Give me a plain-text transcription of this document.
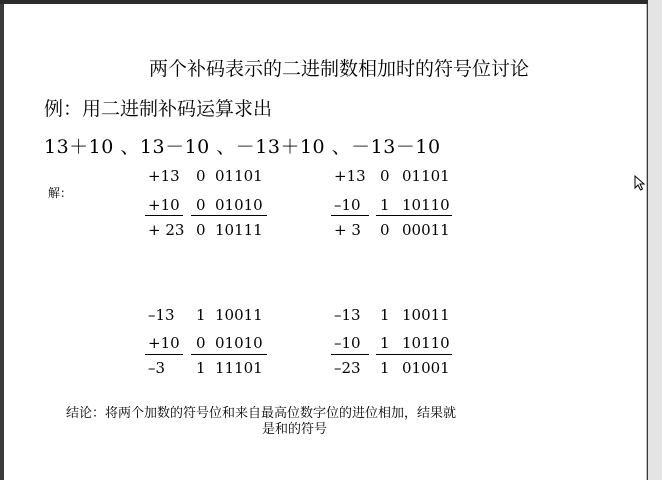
两个补码表示的二进制数相加时的符号位讨论
例：用二进制补码运算求出
13＋10 、13－10 、－13＋10 、－13－10
解：
+13 0 01101
+10 0 01010
+ 23 0 10111
+13 0 01101
–10 1 10110
+ 3 0 00011
–13 1 10011
+10 0 01010
–3 1 11101
–13 1 10011
–10 1 10110
–23 1 01001
结论：将两个加数的符号位和来自最高位数字位的进位相加，结果就
是和的符号
